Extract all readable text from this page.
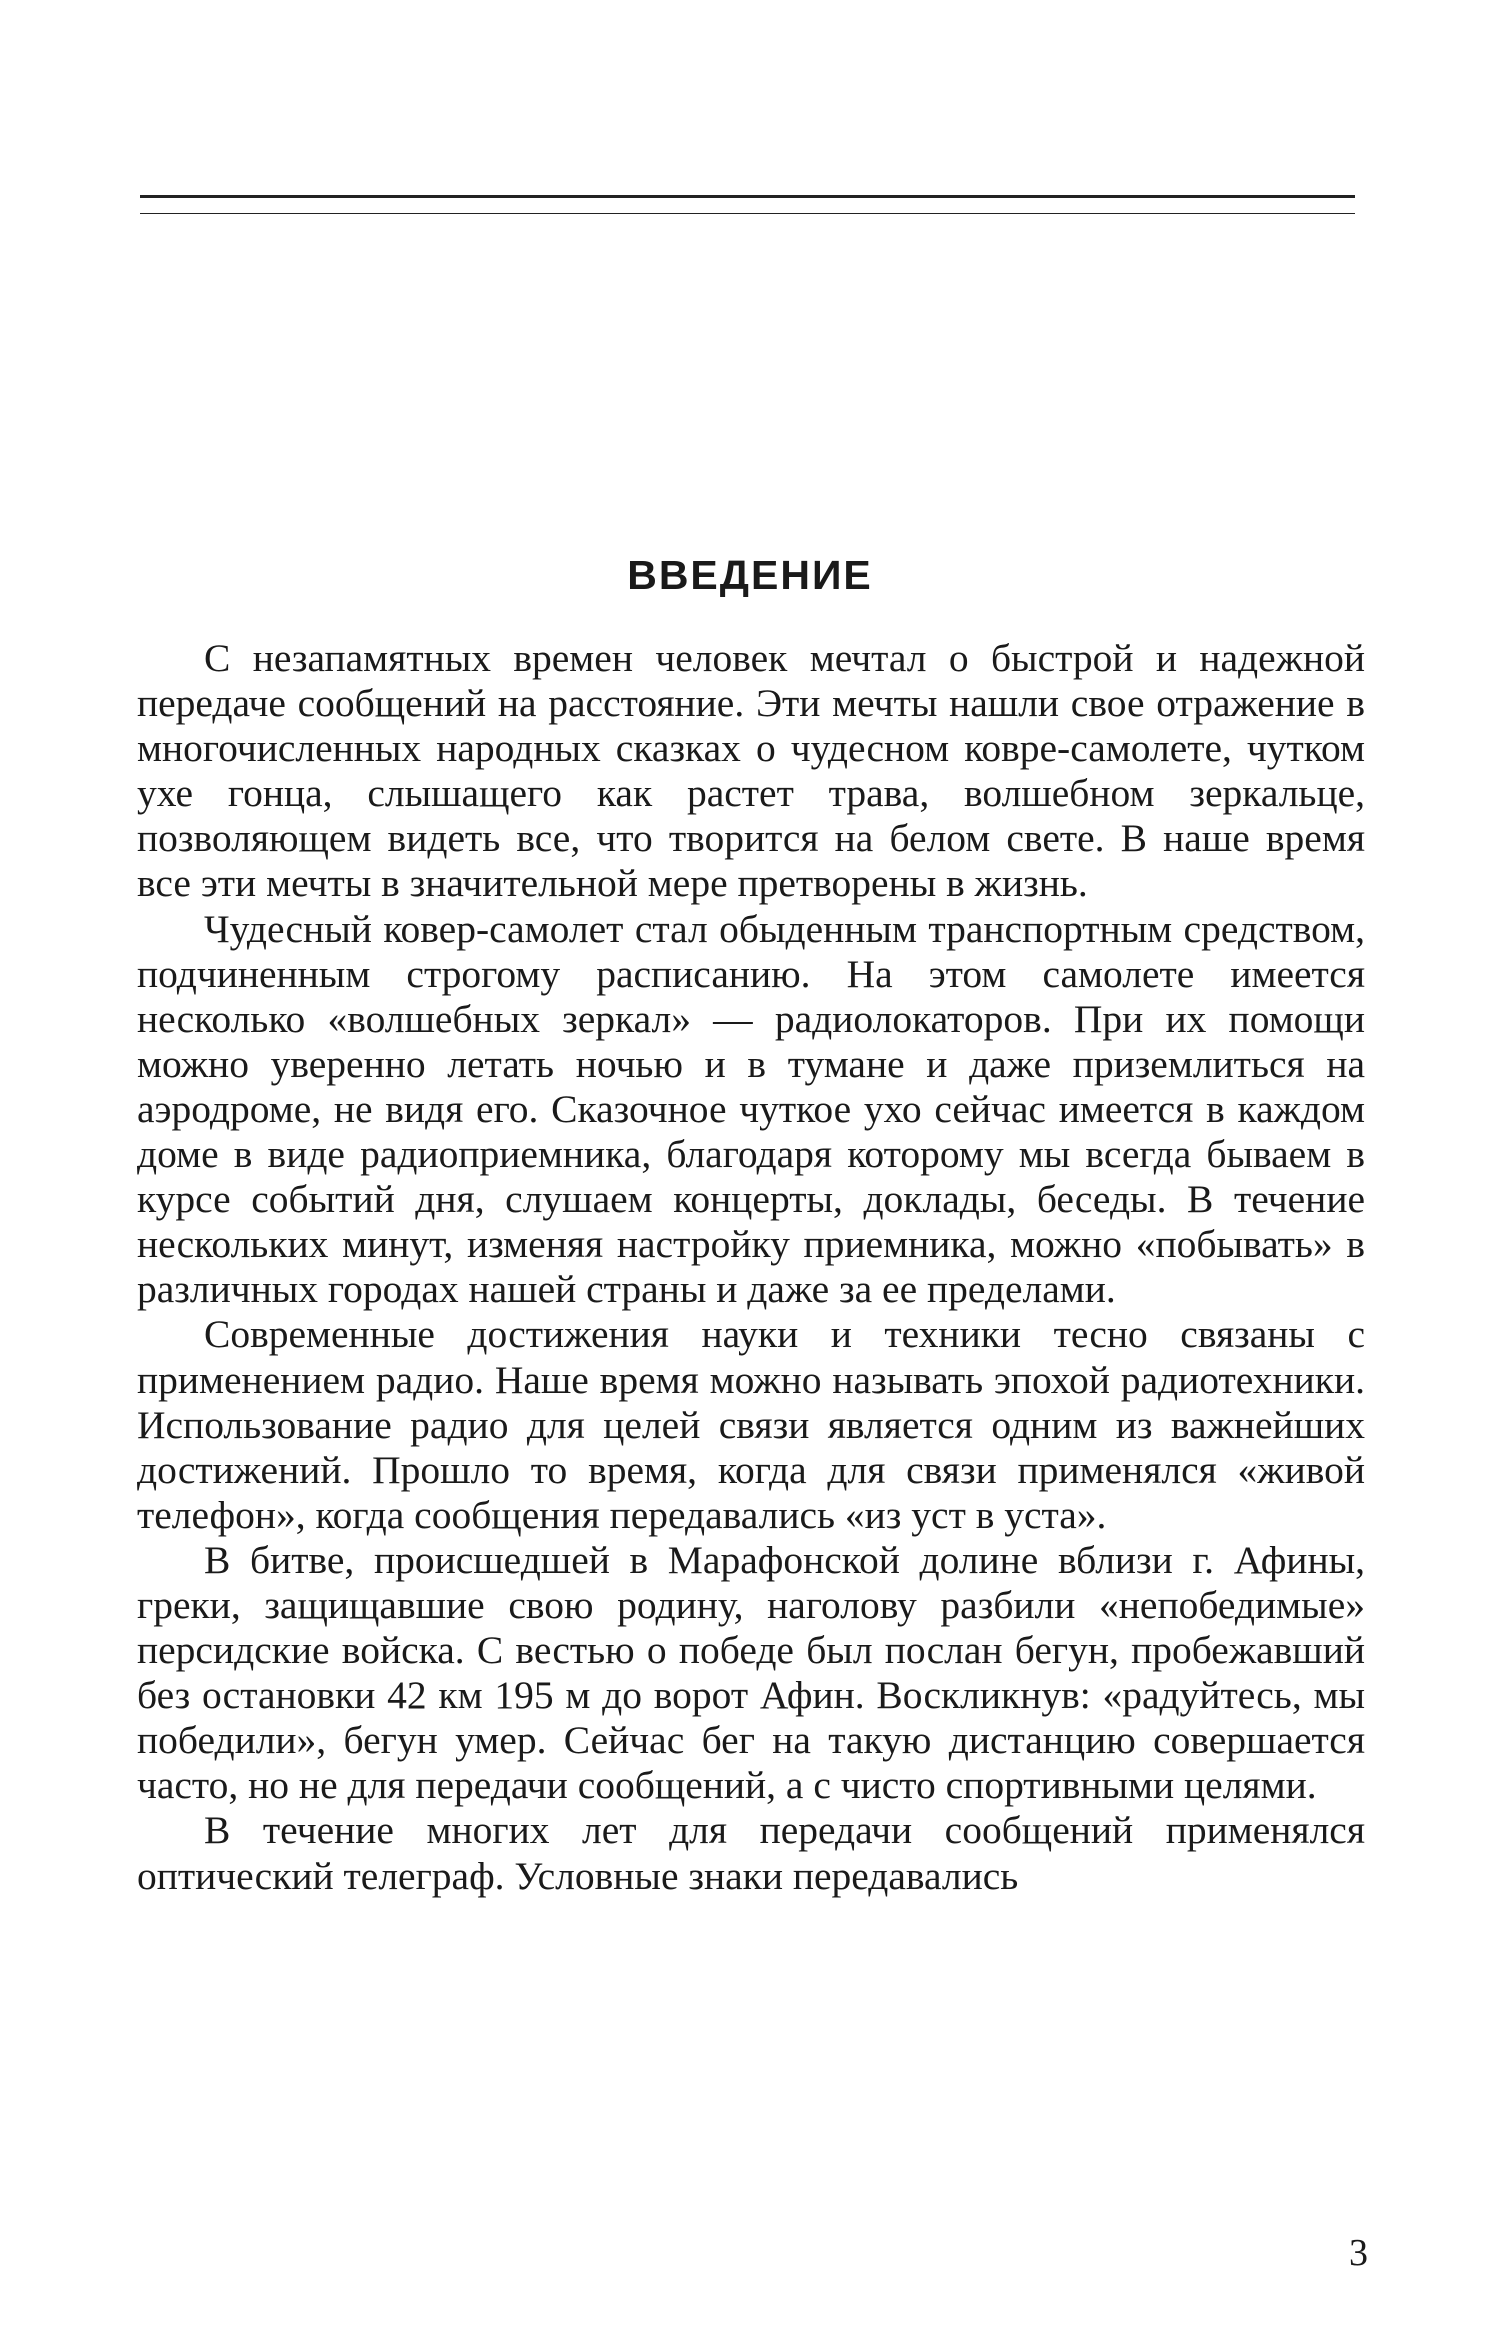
ВВЕДЕНИЕ

С незапамятных времен человек мечтал о быстрой и надежной передаче сообщений на расстояние. Эти мечты нашли свое отражение в многочисленных народных сказках о чудесном ковре-самолете, чутком ухе гонца, слышащего как растет трава, волшебном зеркальце, позволяющем видеть все, что творится на белом свете. В наше время все эти мечты в значительной мере претворены в жизнь.

Чудесный ковер-самолет стал обыденным транспортным средством, подчиненным строгому расписанию. На этом самолете имеется несколько «волшебных зеркал» — радиолокаторов. При их помощи можно уверенно летать ночью и в тумане и даже приземлиться на аэродроме, не видя его. Сказочное чуткое ухо сейчас имеется в каждом доме в виде радиоприемника, благодаря которому мы всегда бываем в курсе событий дня, слушаем концерты, доклады, беседы. В течение нескольких минут, изменяя настройку приемника, можно «побывать» в различных городах нашей страны и даже за ее пределами.

Современные достижения науки и техники тесно связаны с применением радио. Наше время можно называть эпохой радиотехники. Использование радио для целей связи является одним из важнейших достижений. Прошло то время, когда для связи применялся «живой телефон», когда сообщения передавались «из уст в уста».

В битве, происшедшей в Марафонской долине вблизи г. Афины, греки, защищавшие свою родину, наголову разбили «непобедимые» персидские войска. С вестью о победе был послан бегун, пробежавший без остановки 42 км 195 м до ворот Афин. Воскликнув: «радуйтесь, мы победили», бегун умер. Сейчас бег на такую дистанцию совершается часто, но не для передачи сообщений, а с чисто спортивными целями.

В течение многих лет для передачи сообщений применялся оптический телеграф. Условные знаки передавались

3
